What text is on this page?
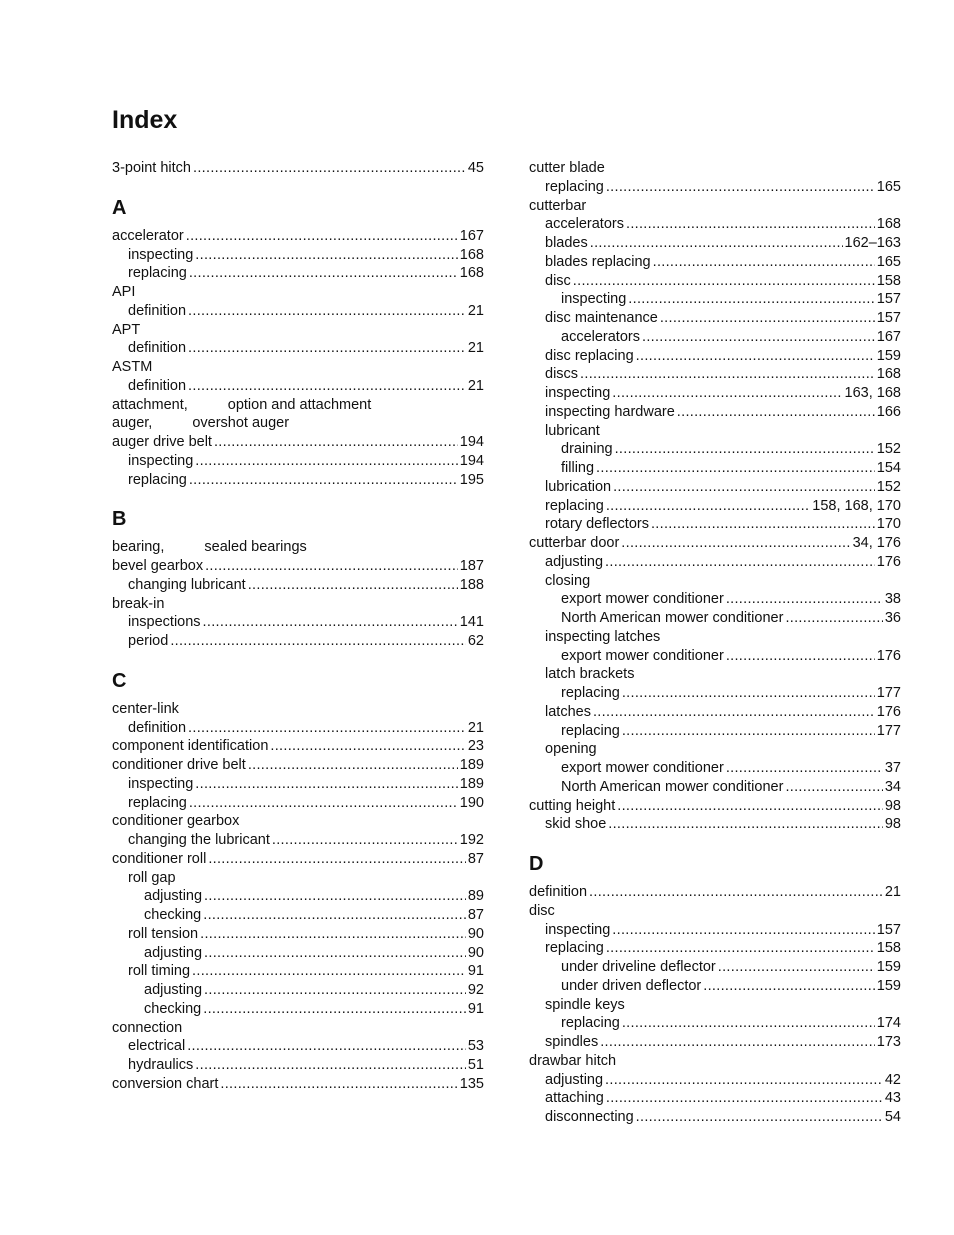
Index
3-point hitch .....	45
A
accelerator .....	167
inspecting .....	168
replacing .....	168
API
definition .....	21
APT
definition .....	21
ASTM
definition .....	21
attachment,	option and attachment
auger,	overshot auger
auger drive belt .....	194
inspecting .....	194
replacing .....	195
B
bearing,	sealed bearings
bevel gearbox .....	187
changing lubricant .....	188
break-in
inspections .....	141
period .....	62
C
center-link
definition .....	21
component identification .....	23
conditioner drive belt .....	189
inspecting .....	189
replacing .....	190
conditioner gearbox
changing the lubricant .....	192
conditioner roll .....	87
roll gap
adjusting .....	89
checking .....	87
roll tension .....	90
adjusting .....	90
roll timing .....	91
adjusting .....	92
checking .....	91
connection
electrical .....	53
hydraulics .....	51
conversion chart .....	135
cutter blade
replacing .....	165
cutterbar
accelerators .....	168
blades .....	162–163
blades replacing .....	165
disc .....	158
inspecting .....	157
disc maintenance .....	157
accelerators .....	167
disc replacing .....	159
discs .....	168
inspecting .....	163, 168
inspecting hardware .....	166
lubricant
draining .....	152
filling .....	154
lubrication .....	152
replacing .....	158, 168, 170
rotary deflectors .....	170
cutterbar door .....	34, 176
adjusting .....	176
closing
export mower conditioner .....	38
North American mower conditioner .....	36
inspecting latches
export mower conditioner .....	176
latch brackets
replacing .....	177
latches .....	176
replacing .....	177
opening
export mower conditioner .....	37
North American mower conditioner .....	34
cutting height .....	98
skid shoe .....	98
D
definition .....	21
disc
inspecting .....	157
replacing .....	158
under driveline deflector .....	159
under driven deflector .....	159
spindle keys
replacing .....	174
spindles .....	173
drawbar hitch
adjusting .....	42
attaching .....	43
disconnecting .....	54
